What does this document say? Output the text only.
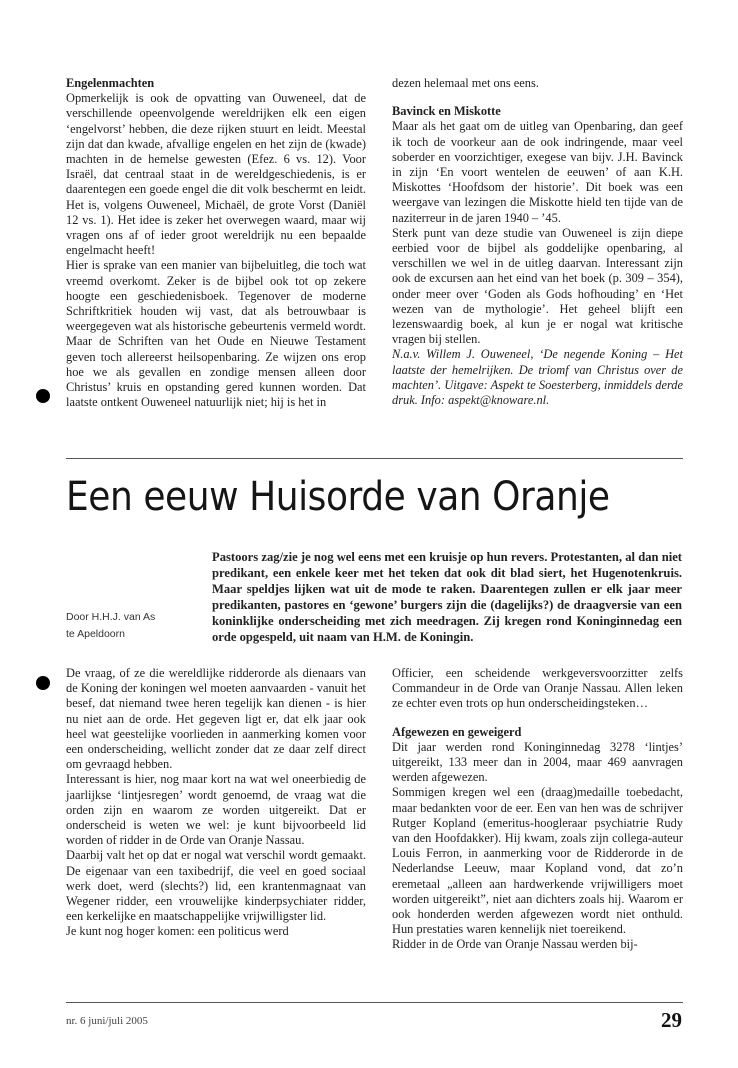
Engelenmachten

Opmerkelijk is ook de opvatting van Ouweneel, dat de verschillende opeenvolgende wereldrijken elk een eigen ‘engelvorst’ hebben, die deze rijken stuurt en leidt. Meestal zijn dat dan kwade, afvallige engelen en het zijn de (kwade) machten in de hemelse gewesten (Efez. 6 vs. 12). Voor Israël, dat centraal staat in de wereldgeschiedenis, is er daarentegen een goede engel die dit volk beschermt en leidt. Het is, volgens Ouweneel, Michaël, de grote Vorst (Daniël 12 vs. 1). Het idee is zeker het overwegen waard, maar wij vragen ons af of ieder groot wereldrijk nu een bepaalde engelmacht heeft!

Hier is sprake van een manier van bijbeluitleg, die toch wat vreemd overkomt. Zeker is de bijbel ook tot op zekere hoogte een geschiedenisboek. Tegenover de moderne Schriftkritiek houden wij vast, dat als betrouwbaar is weergegeven wat als historische gebeurtenis vermeld wordt. Maar de Schriften van het Oude en Nieuwe Testament geven toch allereerst heilsopenbaring. Ze wijzen ons erop hoe we als gevallen en zondige mensen alleen door Christus’ kruis en opstanding gered kunnen worden. Dat laatste ontkent Ouweneel natuurlijk niet; hij is het in

dezen helemaal met ons eens.

Bavinck en Miskotte

Maar als het gaat om de uitleg van Openbaring, dan geef ik toch de voorkeur aan de ook indringende, maar veel soberder en voorzichtiger, exegese van bijv. J.H. Bavinck in zijn ‘En voort wentelen de eeuwen’ of aan K.H. Miskottes ‘Hoofdsom der historie’. Dit boek was een weergave van lezingen die Miskotte hield ten tijde van de naziterreur in de jaren 1940 – ’45.

Sterk punt van deze studie van Ouweneel is zijn diepe eerbied voor de bijbel als goddelijke openbaring, al verschillen we wel in de uitleg daarvan. Interessant zijn ook de excursen aan het eind van het boek (p. 309 – 354), onder meer over ‘Goden als Gods hofhouding’ en ‘Het wezen van de mythologie’. Het geheel blijft een lezenswaardig boek, al kun je er nogal wat kritische vragen bij stellen.

N.a.v. Willem J. Ouweneel, ‘De negende Koning – Het laatste der hemelrijken. De triomf van Christus over de machten’. Uitgave: Aspekt te Soesterberg, inmiddels derde druk. Info: aspekt@knoware.nl.

Een eeuw Huisorde van Oranje
Pastoors zag/zie je nog wel eens met een kruisje op hun revers. Protestanten, al dan niet predikant, een enkele keer met het teken dat ook dit blad siert, het Hugenotenkruis. Maar speldjes lijken wat uit de mode te raken. Daarentegen zullen er elk jaar meer predikanten, pastores en ‘gewone’ burgers zijn die (dagelijks?) de draagversie van een koninklijke onderscheiding met zich meedragen. Zij kregen rond Koninginnedag een orde opgespeld, uit naam van H.M. de Koningin.
Door H.H.J. van As
te Apeldoorn

De vraag, of ze die wereldlijke ridderorde als dienaars van de Koning der koningen wel moeten aanvaarden - vanuit het besef, dat niemand twee heren tegelijk kan dienen - is hier nu niet aan de orde. Het gegeven ligt er, dat elk jaar ook heel wat geestelijke voorlieden in aanmerking komen voor een onderscheiding, wellicht zonder dat ze daar zelf direct om gevraagd hebben.

Interessant is hier, nog maar kort na wat wel oneerbiedig de jaarlijkse ‘lintjesregen’ wordt genoemd, de vraag wat die orden zijn en waarom ze worden uitgereikt. Dat er onderscheid is weten we wel: je kunt bijvoorbeeld lid worden of ridder in de Orde van Oranje Nassau.

Daarbij valt het op dat er nogal wat verschil wordt gemaakt. De eigenaar van een taxibedrijf, die veel en goed sociaal werk doet, werd (slechts?) lid, een krantenmagnaat van Wegener ridder, een vrouwelijke kinderpsychiater ridder, een kerkelijke en maatschappelijke vrijwilligster lid.

Je kunt nog hoger komen: een politicus werd

Officier, een scheidende werkgeversvoorzitter zelfs Commandeur in de Orde van Oranje Nassau. Allen leken ze echter even trots op hun onderscheidingsteken…

Afgewezen en geweigerd

Dit jaar werden rond Koninginnedag 3278 ‘lintjes’ uitgereikt, 133 meer dan in 2004, maar 469 aanvragen werden afgewezen.

Sommigen kregen wel een (draag)medaille toebedacht, maar bedankten voor de eer. Een van hen was de schrijver Rutger Kopland (emeritus-hoogleraar psychiatrie Rudy van den Hoofdakker). Hij kwam, zoals zijn collega-auteur Louis Ferron, in aanmerking voor de Ridderorde in de Nederlandse Leeuw, maar Kopland vond, dat zo’n eremetaal „alleen aan hardwerkende vrijwilligers moet worden uitgereikt”, niet aan dichters zoals hij. Waarom er ook honderden werden afgewezen wordt niet onthuld. Hun prestaties waren kennelijk niet toereikend.

Ridder in de Orde van Oranje Nassau werden bij-

nr. 6 juni/juli 2005	29
